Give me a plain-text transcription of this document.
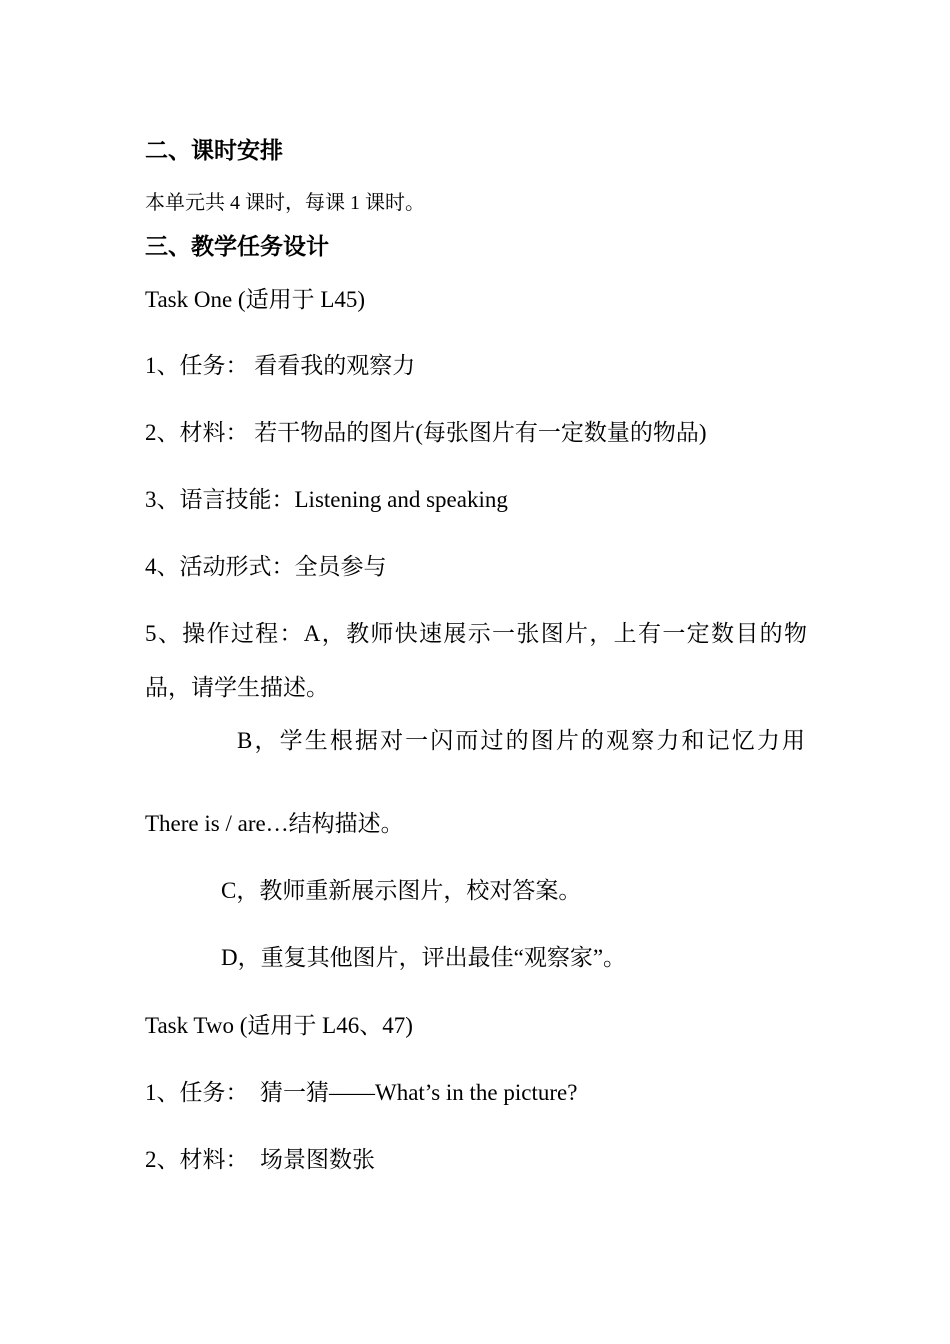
二、课时安排
本单元共 4 课时，每课 1 课时。
三、教学任务设计
Task One (适用于 L45)
1、任务： 看看我的观察力
2、材料： 若干物品的图片(每张图片有一定数量的物品)
3、语言技能：Listening and speaking
4、活动形式：全员参与
5、操作过程：A，教师快速展示一张图片，上有一定数目的物
品，请学生描述。
B，学生根据对一闪而过的图片的观察力和记忆力用
There is / are…结构描述。
C，教师重新展示图片，校对答案。
D，重复其他图片，评出最佳“观察家”。
Task Two (适用于 L46、47)
1、任务：  猜一猜——What’s in the picture?
2、材料：  场景图数张
